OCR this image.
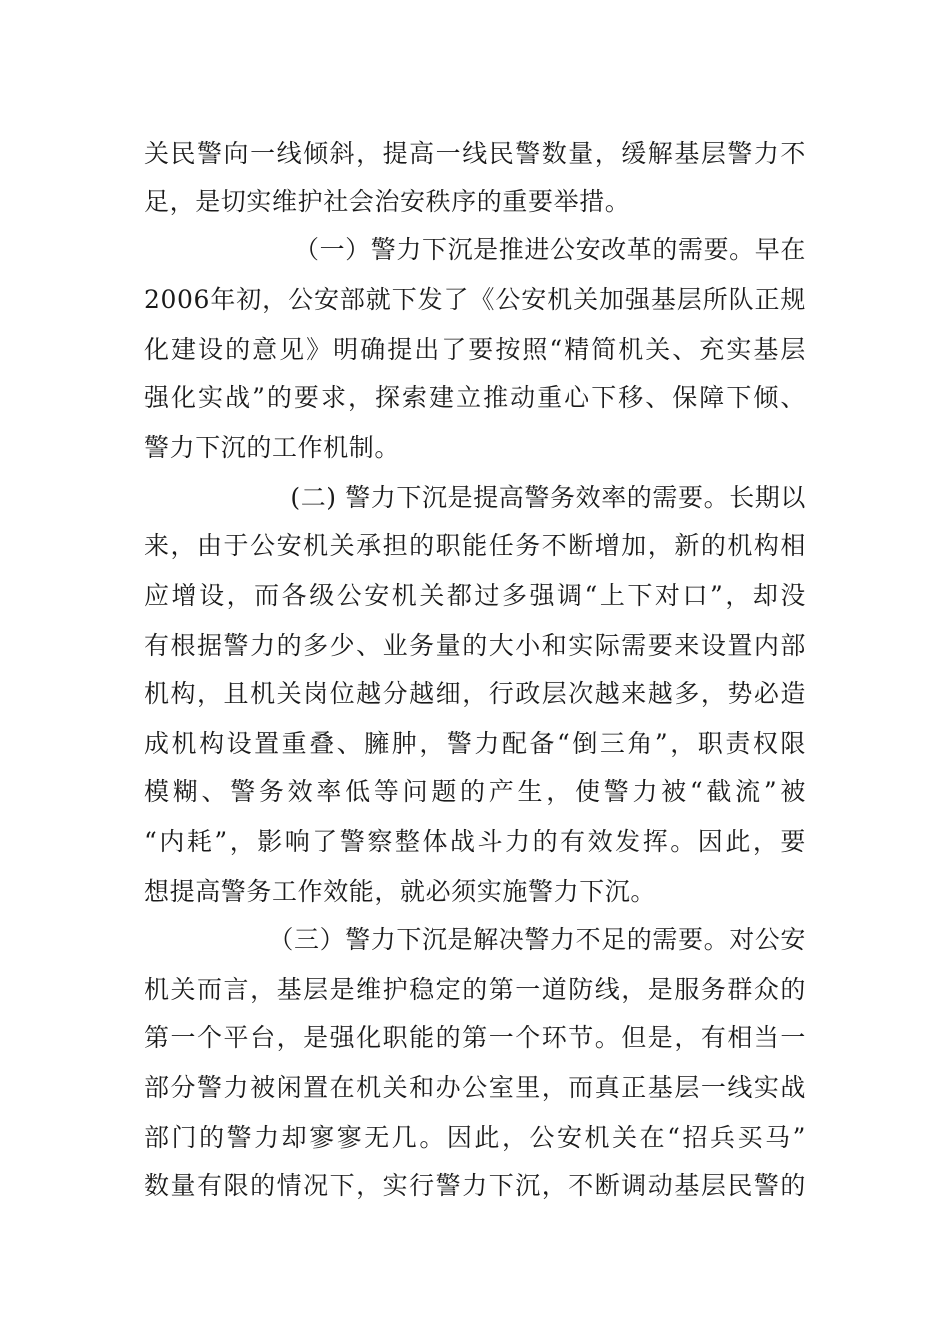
关民警向一线倾斜，提高一线民警数量，缓解基层警力不
足，是切实维护社会治安秩序的重要举措。
（一）警力下沉是推进公安改革的需要。早在
2006年初，公安部就下发了《公安机关加强基层所队正规
化建设的意见》明确提出了要按照“精简机关、充实基层
强化实战”的要求，探索建立推动重心下移、保障下倾、
警力下沉的工作机制。
(二) 警力下沉是提高警务效率的需要。长期以
来，由于公安机关承担的职能任务不断增加，新的机构相
应增设，而各级公安机关都过多强调“上下对口”，却没
有根据警力的多少、业务量的大小和实际需要来设置内部
机构，且机关岗位越分越细，行政层次越来越多，势必造
成机构设置重叠、臃肿，警力配备“倒三角”，职责权限
模糊、警务效率低等问题的产生，使警力被“截流”被
“内耗”，影响了警察整体战斗力的有效发挥。因此，要
想提高警务工作效能，就必须实施警力下沉。
（三）警力下沉是解决警力不足的需要。对公安
机关而言，基层是维护稳定的第一道防线，是服务群众的
第一个平台，是强化职能的第一个环节。但是，有相当一
部分警力被闲置在机关和办公室里，而真正基层一线实战
部门的警力却寥寥无几。因此，公安机关在“招兵买马”
数量有限的情况下，实行警力下沉，不断调动基层民警的
